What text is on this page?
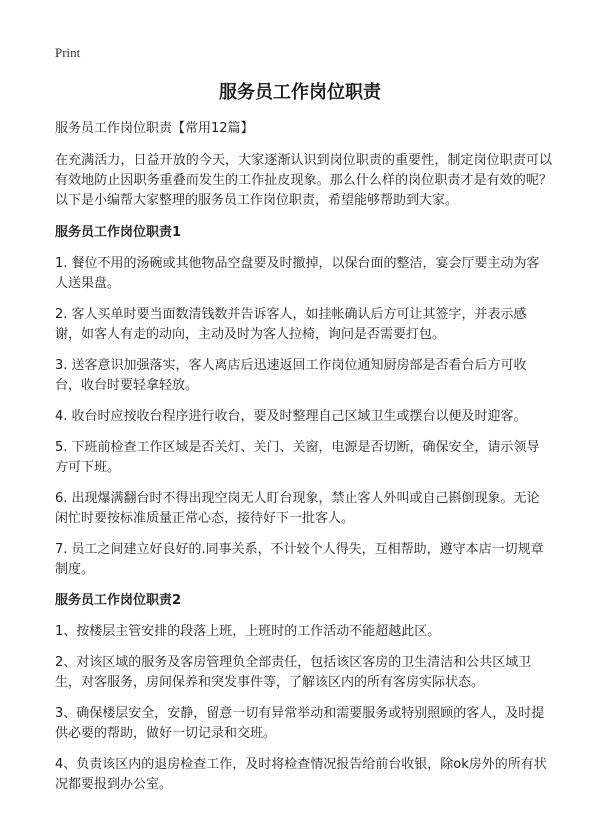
Print
服务员工作岗位职责

服务员工作岗位职责【常用12篇】

在充满活力，日益开放的今天，大家逐渐认识到岗位职责的重要性，制定岗位职责可以有效地防止因职务重叠而发生的工作扯皮现象。那么什么样的岗位职责才是有效的呢？以下是小编帮大家整理的服务员工作岗位职责，希望能够帮助到大家。

服务员工作岗位职责1

1. 餐位不用的汤碗或其他物品空盘要及时撤掉，以保台面的整洁，宴会厅要主动为客人送果盘。

2. 客人买单时要当面数清钱数并告诉客人，如挂帐确认后方可让其签字，并表示感谢，如客人有走的动向，主动及时为客人拉椅，询问是否需要打包。

3. 送客意识加强落实，客人离店后迅速返回工作岗位通知厨房部是否看台后方可收台，收台时要轻拿轻放。

4. 收台时应按收台程序进行收台，要及时整理自己区域卫生或摆台以便及时迎客。

5. 下班前检查工作区域是否关灯、关门、关窗，电源是否切断，确保安全，请示领导方可下班。

6. 出现爆满翻台时不得出现空岗无人盯台现象，禁止客人外叫或自己斟倒现象。无论闲忙时要按标准质量正常心态，接待好下一批客人。

7. 员工之间建立好良好的.同事关系，不计较个人得失，互相帮助，遵守本店一切规章制度。

服务员工作岗位职责2

1、按楼层主管安排的段落上班，上班时的工作活动不能超越此区。

2、对该区域的服务及客房管理负全部责任，包括该区客房的卫生清洁和公共区域卫生，对客服务，房间保养和突发事件等，了解该区内的所有客房实际状态。

3、确保楼层安全，安静，留意一切有异常举动和需要服务或特别照顾的客人，及时提供必要的帮助，做好一切记录和交班。

4、负责该区内的退房检查工作，及时将检查情况报告给前台收银，除ok房外的所有状况都要报到办公室。
